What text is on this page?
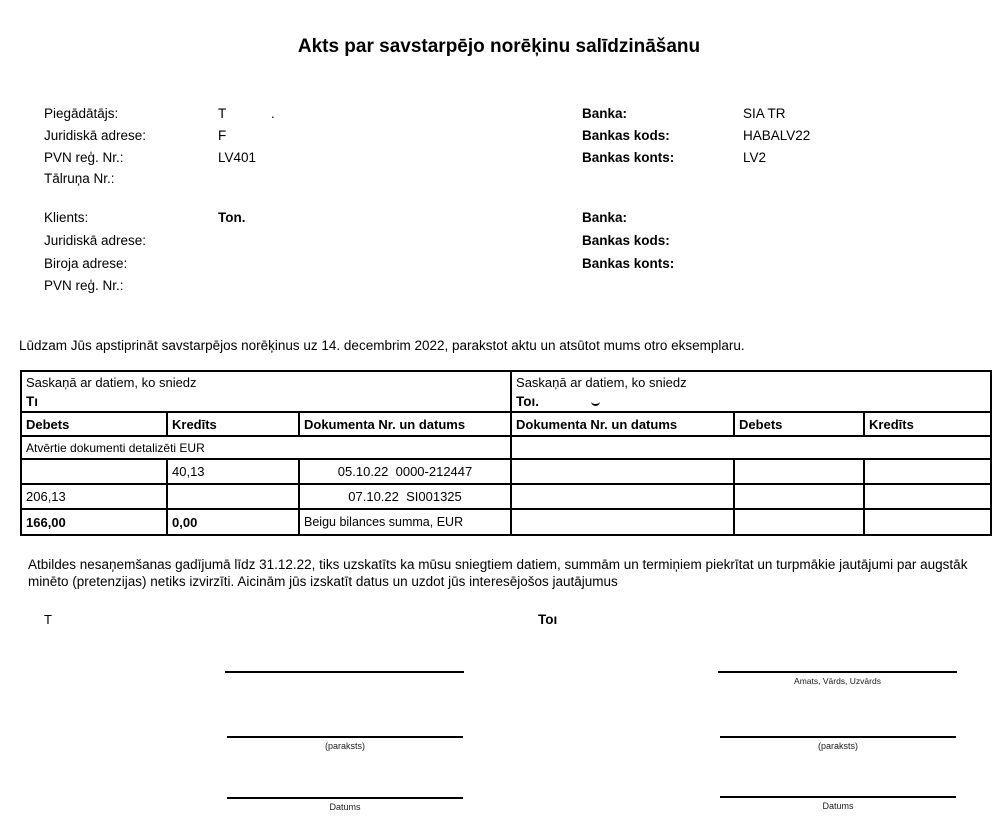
Akts par savstarpējo norēķinu salīdzināšanu
Piegādātājs:	T            .
Juridiskā adrese:	F
PVN reģ. Nr.:	LV401
Tālruņa Nr.:
Banka:	SIA TR
Bankas kods:	HABALV22
Bankas konts:	LV2
Klients:	Ton.
Juridiskā adrese:
Biroja adrese:
PVN reģ. Nr.:
Banka:
Bankas kods:
Bankas konts:
Lūdzam Jūs apstiprināt savstarpējos norēķinus uz 14. decembrim 2022, parakstot aktu un atsūtot mums otro eksemplaru.
Saskaņā ar datiem, ko sniedz
Tı

Saskaņā ar datiem, ko sniedz
Toı.

Debets	Kredīts	Dokumenta Nr. un datums	Dokumenta Nr. un datums	Debets	Kredīts
Atvērtie dokumenti detalizēti EUR					
	40,13	05.10.22  0000-212447			
206,13		07.10.22  SI001325			
166,00	0,00	Beigu bilances summa, EUR			
Atbildes nesaņemšanas gadījumā līdz 31.12.22, tiks uzskatīts ka mūsu sniegtiem datiem, summām un termiņiem piekrītat un turpmākie jautājumi par augstāk minēto (pretenzijas) netiks izvirzīti. Aicinām jūs izskatīt datus un uzdot jūs interesējošos jautājumus
T	Toı
Amats, Vārds, Uzvārds
(paraksts)	(paraksts)
Datums	Datums
